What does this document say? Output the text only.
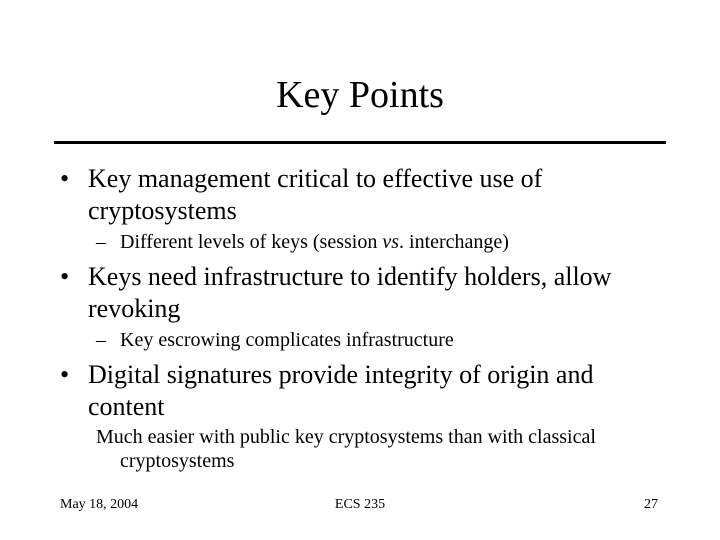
Key Points
• Key management critical to effective use of cryptosystems
– Different levels of keys (session vs. interchange)
• Keys need infrastructure to identify holders, allow revoking
– Key escrowing complicates infrastructure
• Digital signatures provide integrity of origin and content
Much easier with public key cryptosystems than with classical cryptosystems
May 18, 2004	ECS 235	27
